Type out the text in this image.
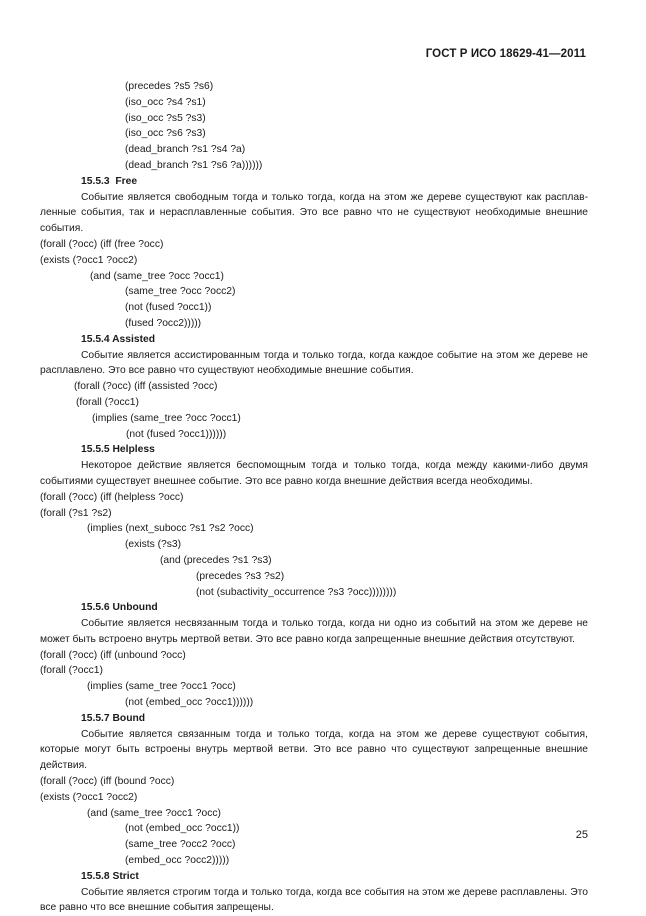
ГОСТ Р ИСО 18629-41—2011
(precedes ?s5 ?s6)
(iso_occ ?s4 ?s1)
(iso_occ ?s5 ?s3)
(iso_occ ?s6 ?s3)
(dead_branch ?s1 ?s4 ?a)
(dead_branch ?s1 ?s6 ?a))))))
15.5.3  Free
Событие является свободным тогда и только тогда, когда на этом же дереве существуют как расплавленные события, так и нерасплавленные события. Это все равно что не существуют необходимые внешние события.
(forall (?occ) (iff (free ?occ)
(exists (?occ1 ?occ2)
(and (same_tree ?occ ?occ1)
(same_tree ?occ ?occ2)
(not (fused ?occ1))
(fused ?occ2)))))
15.5.4 Assisted
Событие является ассистированным тогда и только тогда, когда каждое событие на этом же дереве не расплавлено. Это все равно что существуют необходимые внешние события.
(forall (?occ) (iff (assisted ?occ)
(forall (?occ1)
(implies (same_tree ?occ ?occ1)
(not (fused ?occ1))))))
15.5.5 Helpless
Некоторое действие является беспомощным тогда и только тогда, когда между какими-либо двумя событиями существует внешнее событие. Это все равно когда внешние действия всегда необходимы.
(forall (?occ) (iff (helpless ?occ)
(forall (?s1 ?s2)
(implies (next_subocc ?s1 ?s2 ?occ)
(exists (?s3)
(and (precedes ?s1 ?s3)
(precedes ?s3 ?s2)
(not (subactivity_occurrence ?s3 ?occ))))))))
15.5.6 Unbound
Событие является несвязанным тогда и только тогда, когда ни одно из событий на этом же дереве не может быть встроено внутрь мертвой ветви. Это все равно когда запрещенные внешние действия отсутствуют.
(forall (?occ) (iff (unbound ?occ)
(forall (?occ1)
(implies (same_tree ?occ1 ?occ)
(not (embed_occ ?occ1))))))
15.5.7 Bound
Событие является связанным тогда и только тогда, когда на этом же дереве существуют события, которые могут быть встроены внутрь мертвой ветви. Это все равно что существуют запрещенные внешние действия.
(forall (?occ) (iff (bound ?occ)
(exists (?occ1 ?occ2)
(and (same_tree ?occ1 ?occ)
(not (embed_occ ?occ1))
(same_tree ?occ2 ?occ)
(embed_occ ?occ2)))))
15.5.8 Strict
Событие является строгим тогда и только тогда, когда все события на этом же дереве расплавлены. Это все равно что все внешние события запрещены.
25
